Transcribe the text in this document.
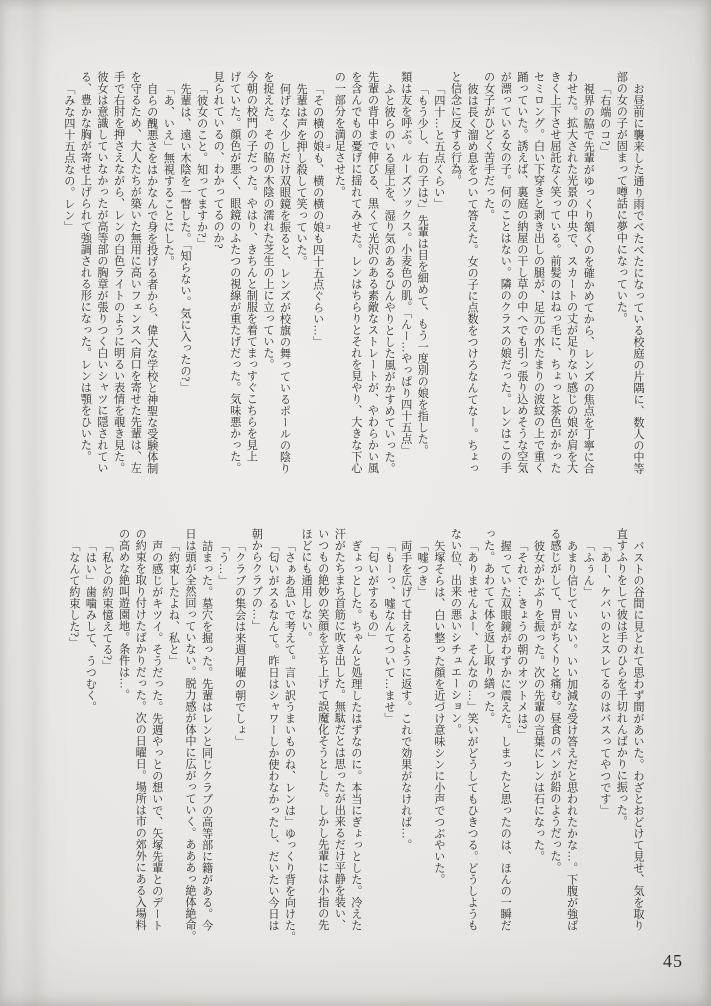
お昼前に襲来した通り雨でべたべたになっている校庭の片隅に、数人の中等
部の女の子が固まって噂話に夢中になっていた。
「右端のコ?」
視界の脇で先輩がゆっくり頷くのを確かめてから、レンズの焦点を丁寧に合
わせた。拡大された光景の中央で、スカートの丈が足りない感じの娘が肩を大
きく上下させ屈託なく笑っている。前髪のはねっ毛に、ちょっと茶色がかった
セミロング。白い下穿きと剥き出しの腿が、足元の水たまりの波紋の上で重く
踊っていた。誘えば、裏庭の納屋の干し草の中へでも引っ張り込めそうな空気
が漂っている女の子。何のことはない。隣のクラスの娘だった。レンはこの手
の女子がひどく苦手だった。
彼は長く溜め息をついて答えた。女の子に点数をつけろなんてなー。ちょっ
と信念に反する行為。
「四十…と五点くらい」
「もう少し、右の子は?」先輩は目を細めて、もう一度別の娘を指した。
類は友を呼ぶ。ルーズソックス。小麦色の肌。「んー…やっぱり四十五点」
ふと彼らのいる屋上を、湿り気のあるひんやりとした風がかすめていった。
先輩の背中まで伸びる、黒くて光沢のある素敵なストレートが、やわらかい風
を含んでもの憂げに揺れてみせた。レンはちらりとそれを見やり、大きな下心
の一部分を満足させた。
「その横の娘 コも、横の横の娘 コも四十五点ぐらい…」
先輩は声を押し殺して笑っていた。
何げなく少しだけ双眼鏡を振ると、レンズが校旗の舞っているポールの陰り
を捉えた。その脇の木陰の濡れた芝生の上に立っていた。
今朝の校門の子だった。やはり、きちんと制服を着てまっすぐこちらを見上
げていた。顔色が悪く、眼鏡のふたつの視線が重たげだった。気味悪かった。
見られているの、わかってるのか?
「彼女のこと。知ってますか?」
先輩は、遠い木陰を一瞥した。「知らない。気に入ったの?」
「あ、いえ」無視することにした。
自らの醜悪さをはかなんで身を投げる者から、偉大な学校と神聖な受験体制
を守るため、大人たちが築いた無用に高いフェンスへ肩口を寄せた先輩は、左
手で右肘を押さえながら、レンの白色ライトのように明るい表情を覗き見た。
彼女は意識していなかったが高等部の胸章が張りつく白いシャツに隠されてい
る、豊かな胸が寄せ上げられて強調される形になった。レンは顎をひいた。
「みな四十五点なの。レン」
バストの谷間に見とれて思わず間があいた。わざとおどけて見せ、気を取り
直すふりをして彼は手のひらを千切れんばかりに振った。
「あー、ケバいのとスレてるのはバスってやつです」
「ふぅん」
あまり信じていない。いい加減な受け答えだと思われたかな…。下腹が強ば
る感じがして、胃がちくりと痛む。昼食のパンが鉛のようだった。
彼女がかぶりを振った。次の先輩の言葉にレンは石になった。
「それで…きょうの朝のオツトメは?」
握っていた双眼鏡がわずかに震えた。しまったと思ったのは、ほんの一瞬だ
った。あわてて体を返し取り繕った。
「ありませんよー、そんなの…」笑いがどうしてもひきつる。どうしようも
ない位、出来の悪いシチュエーション。
矢塚そらは、白い整った顔を近づけ意味シンに小声でつぶやいた。
「嘘つき」
両手を広げて甘えるように返す。これで効果がなければ…。
「もーっ、嘘なんてついて…ませ」
「匂いがするもの」
ぎょっとした。ちゃんと処理したはずなのに。本当にぎょっとした。冷えた
汗がたちまち首筋に吹き出した。無駄だとは思ったが出来るだけ平静を装い、
いつもの絶妙の笑顔を立ち上げて誤魔化そうとした。しかし先輩には小指の先
ほどにも通用しない。
「さぁあ急いで考えて。言い訳うまいものね、レンは」ゆっくり背を向けた。
「匂いがスるなんて。昨日はシャワーしか使わなかったし、だいたい今日は
朝からクラブの…」
「クラブの集会は来週月曜の朝でしょ」
「う…」
詰まった。墓穴を掘った。先輩はレンと同じクラブの高等部に籍がある。今
日は頭が全然回っていない。脱力感が体中に広がっていく。あああっ絶体絶命。
「約束したよね、私と」
声の感じがキツイ。そうだった。先週やっとの想いで、矢塚先輩とのデート
の約束を取り付けたばかりだった。次の日曜日。場所は市の郊外にある入場料
の高めな絶叫遊園地。条件は…。
「私との約束憶えてる?」
「はい」歯噛みして、うつむく。
「なんて約束した?」
45
